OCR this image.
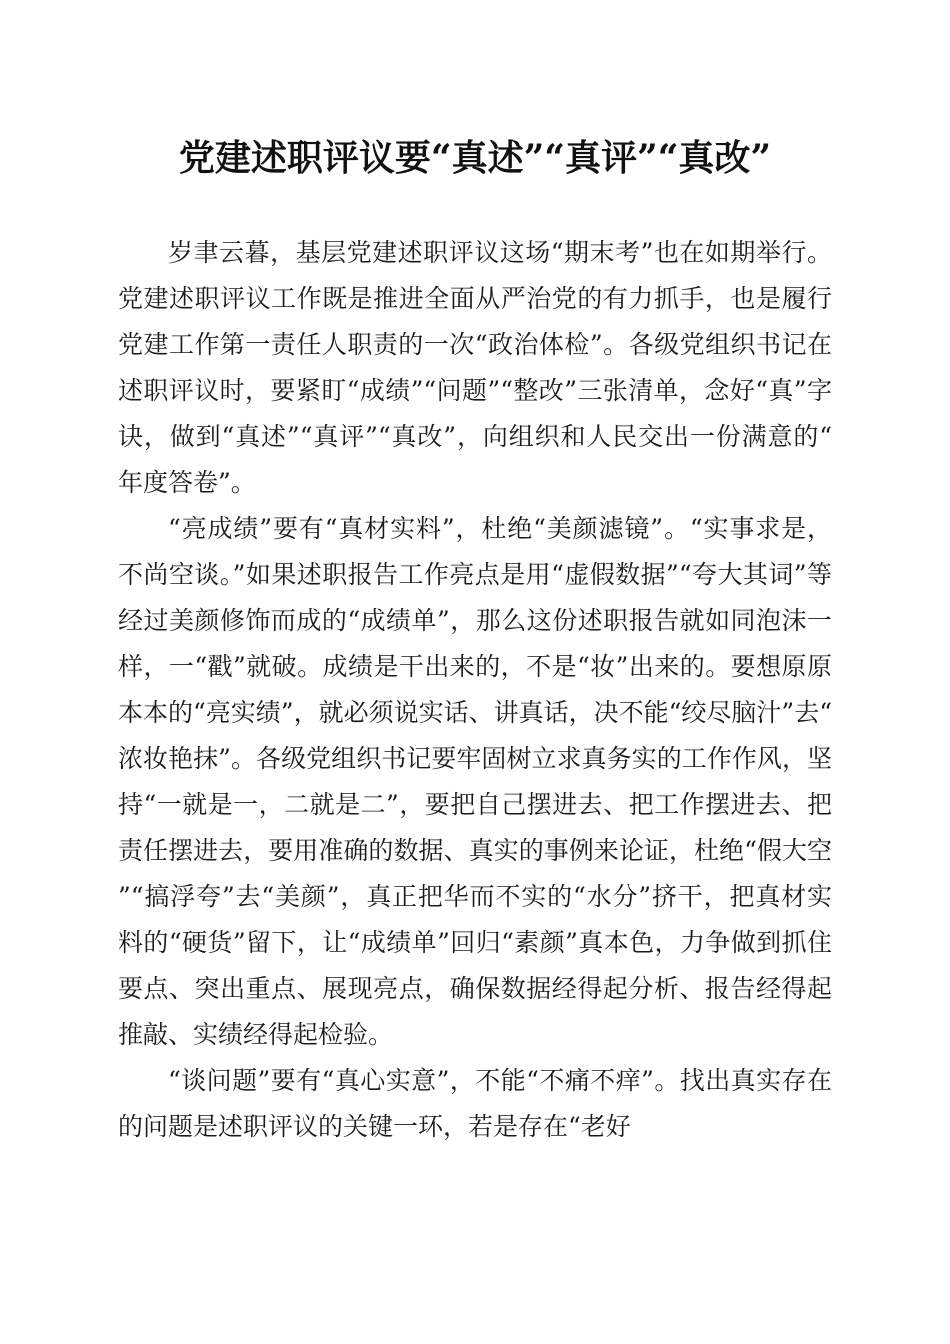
党建述职评议要“真述”“真评”“真改”

岁聿云暮，基层党建述职评议这场“期末考”也在如期举行。党建述职评议工作既是推进全面从严治党的有力抓手，也是履行党建工作第一责任人职责的一次“政治体检”。各级党组织书记在述职评议时，要紧盯“成绩”“问题”“整改”三张清单，念好“真”字诀，做到“真述”“真评”“真改”，向组织和人民交出一份满意的“年度答卷”。

“亮成绩”要有“真材实料”，杜绝“美颜滤镜”。“实事求是，不尚空谈。”如果述职报告工作亮点是用“虚假数据”“夸大其词”等经过美颜修饰而成的“成绩单”，那么这份述职报告就如同泡沫一样，一“戳”就破。成绩是干出来的，不是“妆”出来的。要想原原本本的“亮实绩”，就必须说实话、讲真话，决不能“绞尽脑汁”去“浓妆艳抹”。各级党组织书记要牢固树立求真务实的工作作风，坚持“一就是一，二就是二”，要把自己摆进去、把工作摆进去、把责任摆进去，要用准确的数据、真实的事例来论证，杜绝“假大空”“搞浮夸”去“美颜”，真正把华而不实的“水分”挤干，把真材实料的“硬货”留下，让“成绩单”回归“素颜”真本色，力争做到抓住要点、突出重点、展现亮点，确保数据经得起分析、报告经得起推敲、实绩经得起检验。

“谈问题”要有“真心实意”，不能“不痛不痒”。找出真实存在的问题是述职评议的关键一环，若是存在“老好
